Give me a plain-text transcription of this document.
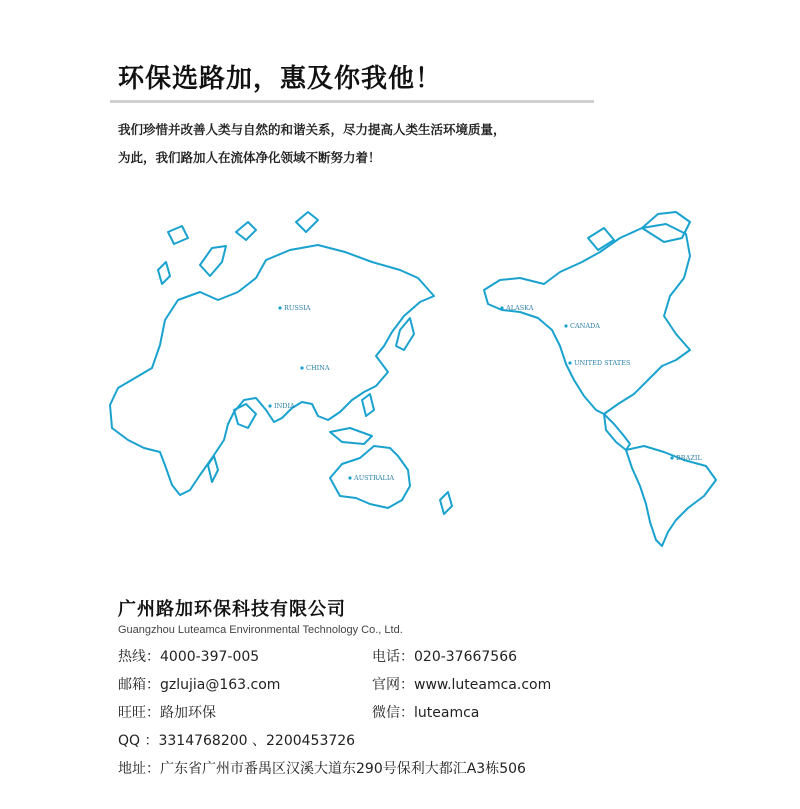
环保选路加，惠及你我他！
我们珍惜并改善人类与自然的和谐关系，尽力提高人类生活环境质量，
为此，我们路加人在流体净化领域不断努力着！
RUSSIA
CHINA
INDIA
AUSTRALIA
ALASKA
CANADA
UNITED STATES
BRAZIL
广州路加环保科技有限公司
Guangzhou Luteamca Environmental Technology Co., Ltd.
热线：4000-397-005	电话：020-37667566
邮箱：gzlujia@163.com	官网：www.luteamca.com
旺旺：路加环保	微信：luteamca
QQ ：3314768200 、2200453726
地址：广东省广州市番禺区汉溪大道东290号保利大都汇A3栋506
